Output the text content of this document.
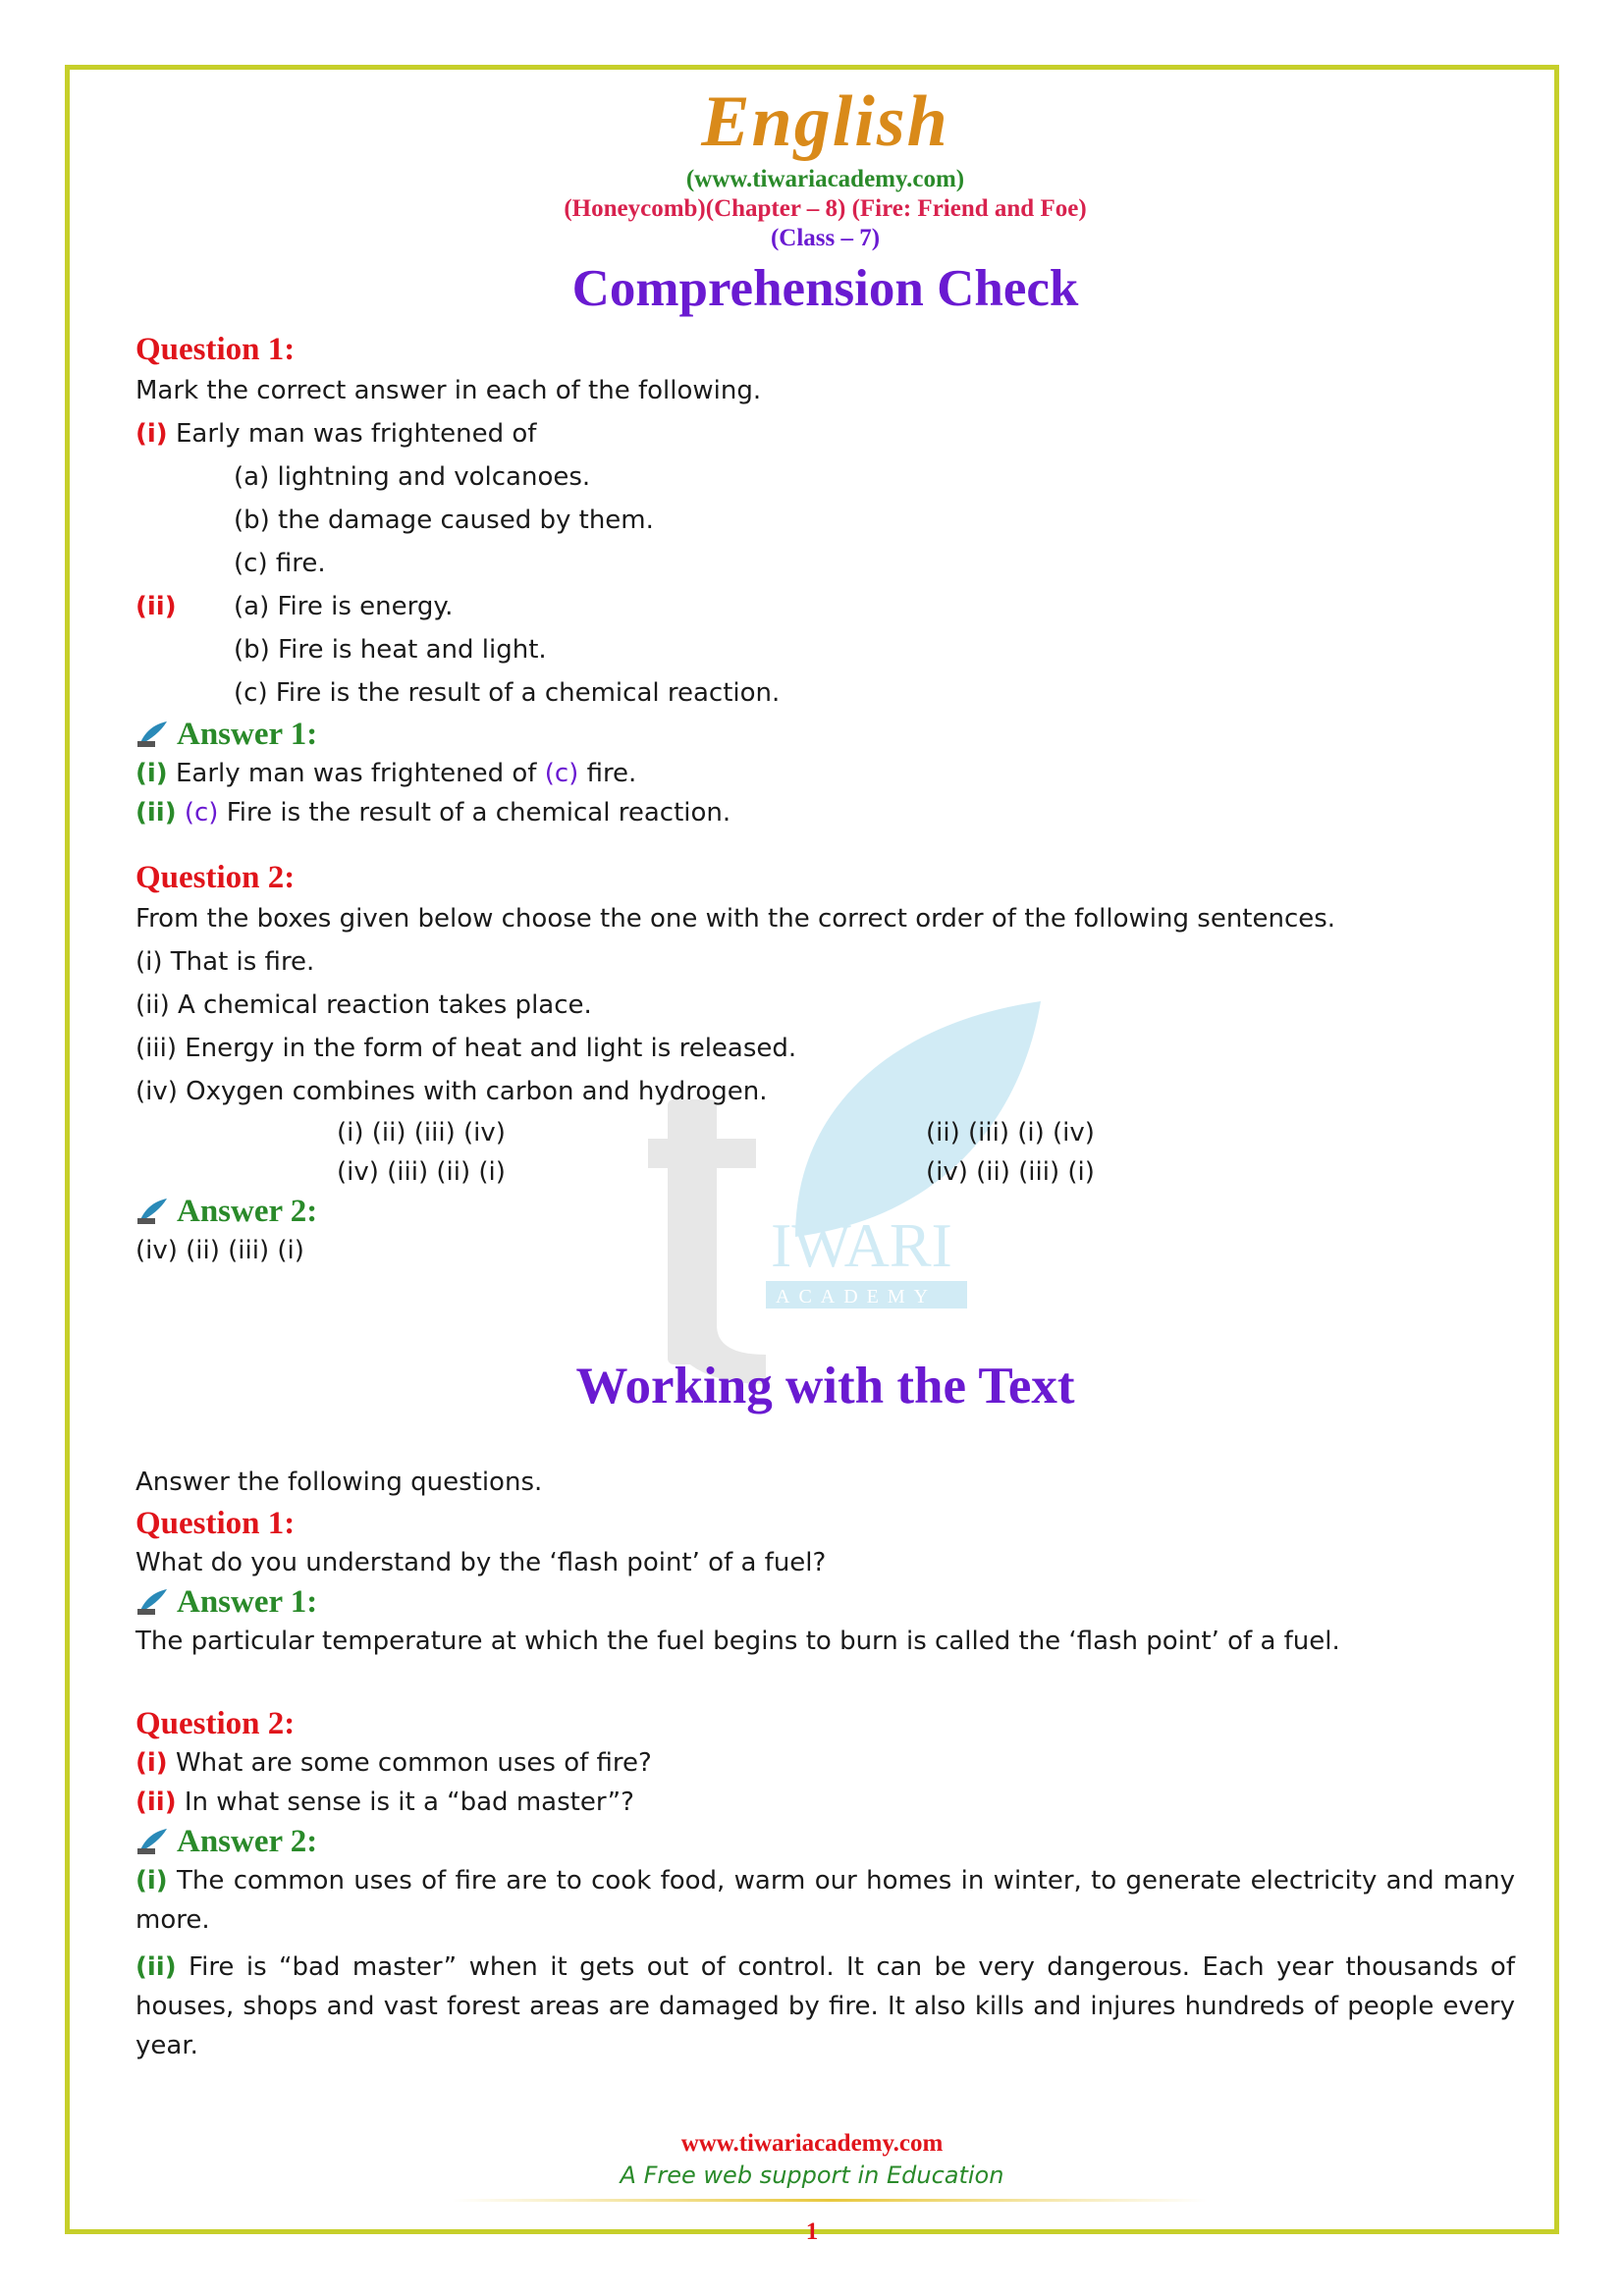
IWARI
ACADEMY
English
(www.tiwariacademy.com)
(Honeycomb)(Chapter – 8) (Fire: Friend and Foe)
(Class – 7)
Comprehension Check
Question 1:
Mark the correct answer in each of the following.
(i) Early man was frightened of
(a) lightning and volcanoes.
(b) the damage caused by them.
(c) fire.
(ii)	(a) Fire is energy.
(b) Fire is heat and light.
(c) Fire is the result of a chemical reaction.
Answer 1:
(i) Early man was frightened of (c) fire.
(ii) (c) Fire is the result of a chemical reaction.
Question 2:
From the boxes given below choose the one with the correct order of the following sentences.
(i) That is fire.
(ii) A chemical reaction takes place.
(iii) Energy in the form of heat and light is released.
(iv) Oxygen combines with carbon and hydrogen.
(i) (ii) (iii) (iv)	(ii) (iii) (i) (iv)
(iv) (iii) (ii) (i)	(iv) (ii) (iii) (i)
Answer 2:
(iv) (ii) (iii) (i)
Working with the Text
Answer the following questions.
Question 1:
What do you understand by the ‘flash point’ of a fuel?
Answer 1:
The particular temperature at which the fuel begins to burn is called the ‘flash point’ of a fuel.
Question 2:
(i) What are some common uses of fire?
(ii) In what sense is it a “bad master”?
Answer 2:
(i) The common uses of fire are to cook food, warm our homes in winter, to generate electricity and many more.
(ii) Fire is “bad master” when it gets out of control. It can be very dangerous. Each year thousands of houses, shops and vast forest areas are damaged by fire. It also kills and injures hundreds of people every year.
www.tiwariacademy.com
A Free web support in Education
1
